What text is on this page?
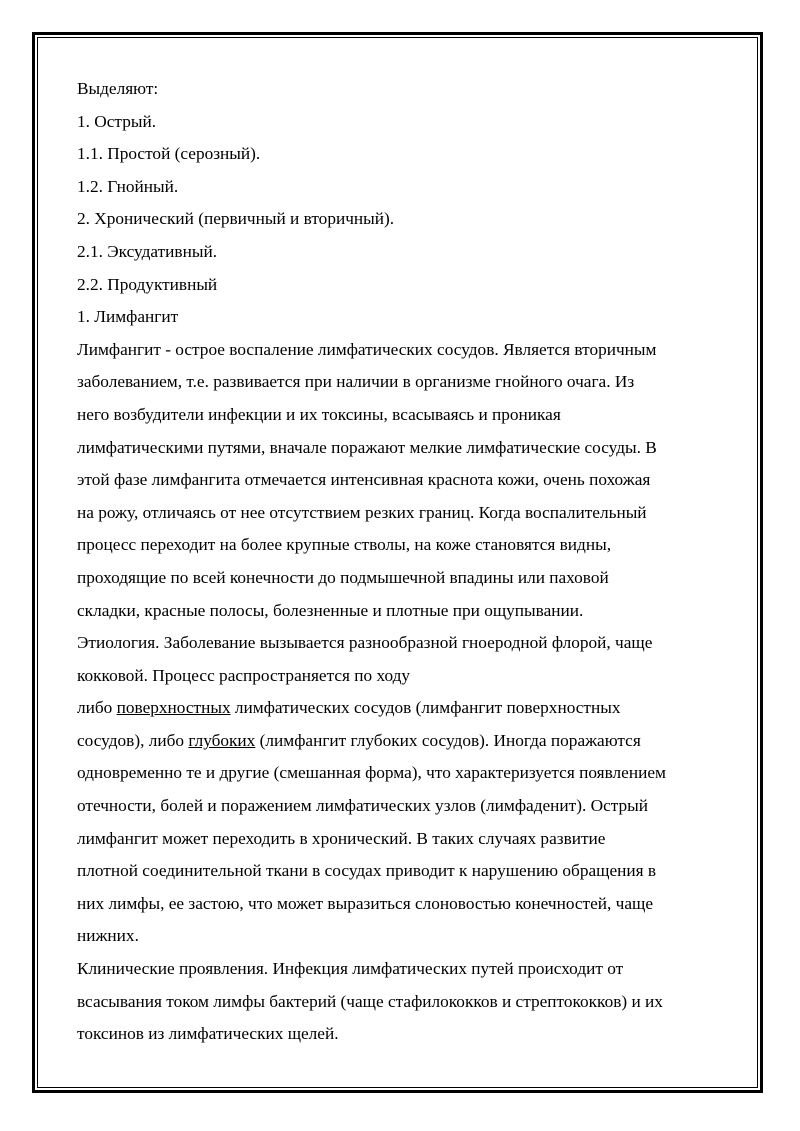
Выделяют:
1. Острый.
1.1. Простой (серозный).
1.2. Гнойный.
2. Хронический (первичный и вторичный).
2.1. Эксудативный.
2.2. Продуктивный
1. Лимфангит
Лимфангит - острое воспаление лимфатических сосудов. Является вторичным
заболеванием, т.е. развивается при наличии в организме гнойного очага. Из
него возбудители инфекции и их токсины, всасываясь и проникая
лимфатическими путями, вначале поражают мелкие лимфатические сосуды. В
этой фазе лимфангита отмечается интенсивная краснота кожи, очень похожая
на рожу, отличаясь от нее отсутствием резких границ. Когда воспалительный
процесс переходит на более крупные стволы, на коже становятся видны,
проходящие по всей конечности до подмышечной впадины или паховой
складки, красные полосы, болезненные и плотные при ощупывании.
Этиология. Заболевание вызывается разнообразной гноеродной флорой, чаще
кокковой. Процесс распространяется по ходу
либо поверхностных лимфатических сосудов (лимфангит поверхностных
сосудов), либо глубоких (лимфангит глубоких сосудов). Иногда поражаются
одновременно те и другие (смешанная форма), что характеризуется появлением
отечности, болей и поражением лимфатических узлов (лимфаденит). Острый
лимфангит может переходить в хронический. В таких случаях развитие
плотной соединительной ткани в сосудах приводит к нарушению обращения в
них лимфы, ее застою, что может выразиться слоновостью конечностей, чаще
нижних.
Клинические проявления. Инфекция лимфатических путей происходит от
всасывания током лимфы бактерий (чаще стафилококков и стрептококков) и их
токсинов из лимфатических щелей.
